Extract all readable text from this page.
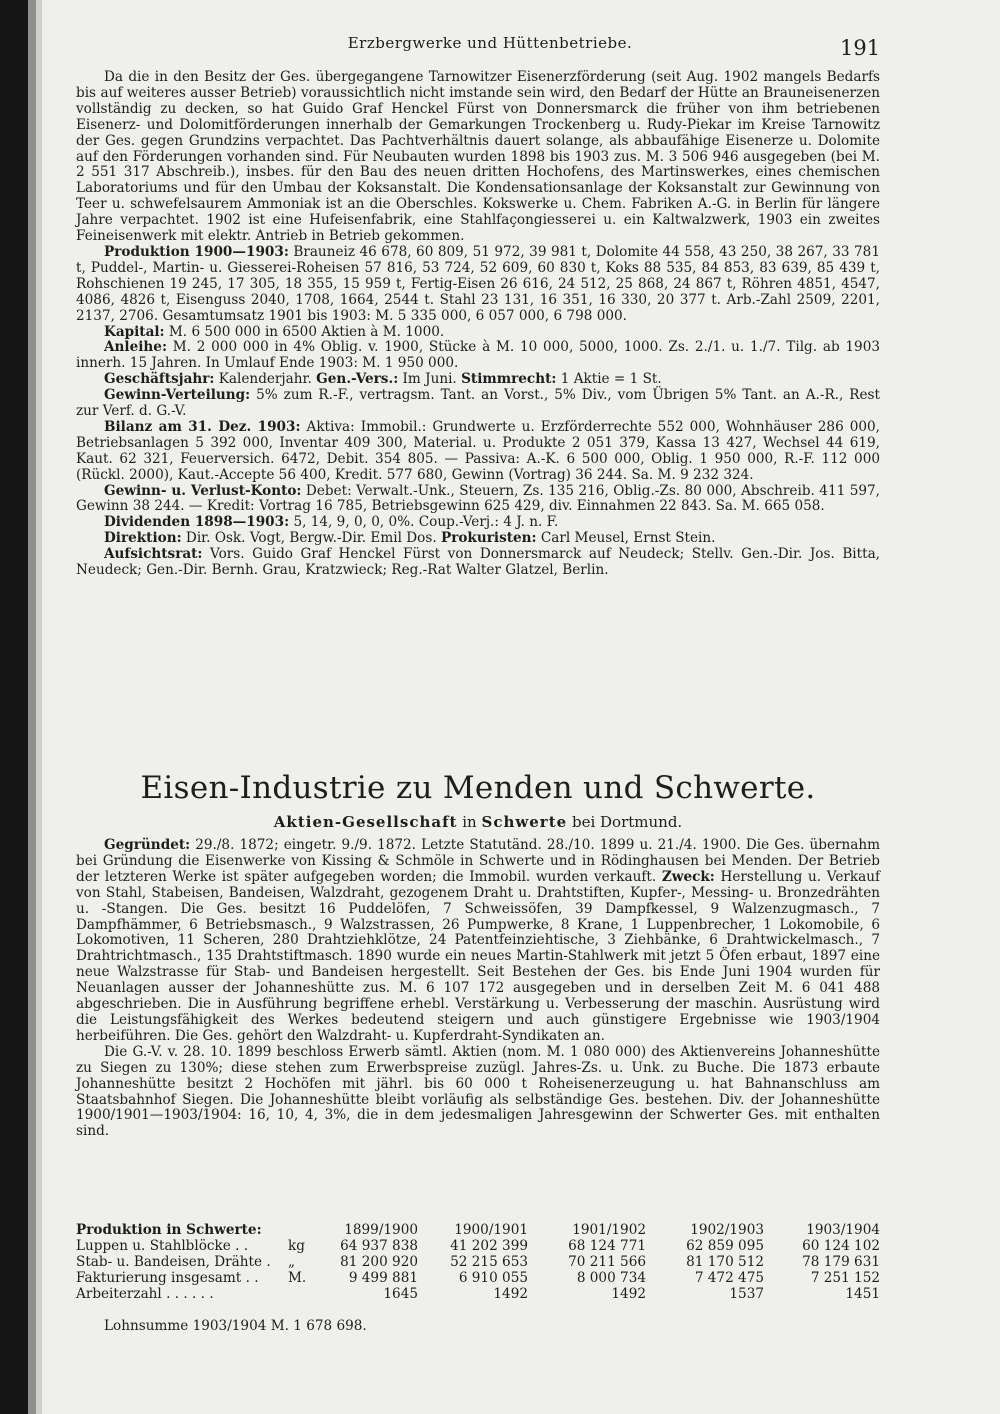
Erzbergwerke und Hüttenbetriebe.	191

Da die in den Besitz der Ges. übergegangene Tarnowitzer Eisenerzförderung (seit Aug. 1902 mangels Bedarfs bis auf weiteres ausser Betrieb) voraussichtlich nicht imstande sein wird, den Bedarf der Hütte an Brauneisenerzen vollständig zu decken, so hat Guido Graf Henckel Fürst von Donnersmarck die früher von ihm betriebenen Eisenerz- und Dolomitförderungen innerhalb der Gemarkungen Trockenberg u. Rudy-Piekar im Kreise Tarnowitz der Ges. gegen Grundzins verpachtet. Das Pachtverhältnis dauert solange, als abbaufähige Eisenerze u. Dolomite auf den Förderungen vorhanden sind. Für Neubauten wurden 1898 bis 1903 zus. M. 3 506 946 ausgegeben (bei M. 2 551 317 Abschreib.), insbes. für den Bau des neuen dritten Hochofens, des Martinswerkes, eines chemischen Laboratoriums und für den Umbau der Koksanstalt. Die Kondensationsanlage der Koksanstalt zur Gewinnung von Teer u. schwefelsaurem Ammoniak ist an die Oberschles. Kokswerke u. Chem. Fabriken A.-G. in Berlin für längere Jahre verpachtet. 1902 ist eine Hufeisenfabrik, eine Stahlfaçongiesserei u. ein Kaltwalzwerk, 1903 ein zweites Feineisenwerk mit elektr. Antrieb in Betrieb gekommen.

Produktion 1900—1903: Brauneiz 46 678, 60 809, 51 972, 39 981 t, Dolomite 44 558, 43 250, 38 267, 33 781 t, Puddel-, Martin- u. Giesserei-Roheisen 57 816, 53 724, 52 609, 60 830 t, Koks 88 535, 84 853, 83 639, 85 439 t, Rohschienen 19 245, 17 305, 18 355, 15 959 t, Fertig-Eisen 26 616, 24 512, 25 868, 24 867 t, Röhren 4851, 4547, 4086, 4826 t, Eisenguss 2040, 1708, 1664, 2544 t. Stahl 23 131, 16 351, 16 330, 20 377 t. Arb.-Zahl 2509, 2201, 2137, 2706. Gesamtumsatz 1901 bis 1903: M. 5 335 000, 6 057 000, 6 798 000.

Kapital: M. 6 500 000 in 6500 Aktien à M. 1000.

Anleihe: M. 2 000 000 in 4% Oblig. v. 1900, Stücke à M. 10 000, 5000, 1000. Zs. 2./1. u. 1./7. Tilg. ab 1903 innerh. 15 Jahren. In Umlauf Ende 1903: M. 1 950 000.

Geschäftsjahr: Kalenderjahr. Gen.-Vers.: Im Juni. Stimmrecht: 1 Aktie = 1 St.

Gewinn-Verteilung: 5% zum R.-F., vertragsm. Tant. an Vorst., 5% Div., vom Übrigen 5% Tant. an A.-R., Rest zur Verf. d. G.-V.

Bilanz am 31. Dez. 1903: Aktiva: Immobil.: Grundwerte u. Erzförderrechte 552 000, Wohnhäuser 286 000, Betriebsanlagen 5 392 000, Inventar 409 300, Material. u. Produkte 2 051 379, Kassa 13 427, Wechsel 44 619, Kaut. 62 321, Feuerversich. 6472, Debit. 354 805. — Passiva: A.-K. 6 500 000, Oblig. 1 950 000, R.-F. 112 000 (Rückl. 2000), Kaut.-Accepte 56 400, Kredit. 577 680, Gewinn (Vortrag) 36 244. Sa. M. 9 232 324.

Gewinn- u. Verlust-Konto: Debet: Verwalt.-Unk., Steuern, Zs. 135 216, Oblig.-Zs. 80 000, Abschreib. 411 597, Gewinn 38 244. — Kredit: Vortrag 16 785, Betriebsgewinn 625 429, div. Einnahmen 22 843. Sa. M. 665 058.

Dividenden 1898—1903: 5, 14, 9, 0, 0, 0%. Coup.-Verj.: 4 J. n. F.

Direktion: Dir. Osk. Vogt, Bergw.-Dir. Emil Dos. Prokuristen: Carl Meusel, Ernst Stein.

Aufsichtsrat: Vors. Guido Graf Henckel Fürst von Donnersmarck auf Neudeck; Stellv. Gen.-Dir. Jos. Bitta, Neudeck; Gen.-Dir. Bernh. Grau, Kratzwieck; Reg.-Rat Walter Glatzel, Berlin.

Eisen-Industrie zu Menden und Schwerte.
Aktien-Gesellschaft in Schwerte bei Dortmund.

Gegründet: 29./8. 1872; eingetr. 9./9. 1872. Letzte Statutänd. 28./10. 1899 u. 21./4. 1900. Die Ges. übernahm bei Gründung die Eisenwerke von Kissing & Schmöle in Schwerte und in Rödinghausen bei Menden. Der Betrieb der letzteren Werke ist später aufgegeben worden; die Immobil. wurden verkauft. Zweck: Herstellung u. Verkauf von Stahl, Stabeisen, Bandeisen, Walzdraht, gezogenem Draht u. Drahtstiften, Kupfer-, Messing- u. Bronzedrähten u. -Stangen. Die Ges. besitzt 16 Puddelöfen, 7 Schweissöfen, 39 Dampfkessel, 9 Walzenzugmasch., 7 Dampfhämmer, 6 Betriebsmasch., 9 Walzstrassen, 26 Pumpwerke, 8 Krane, 1 Luppenbrecher, 1 Lokomobile, 6 Lokomotiven, 11 Scheren, 280 Drahtziehklötze, 24 Patentfeinziehtische, 3 Ziehbänke, 6 Drahtwickelmasch., 7 Drahtrichtmasch., 135 Drahtstiftmasch. 1890 wurde ein neues Martin-Stahlwerk mit jetzt 5 Öfen erbaut, 1897 eine neue Walzstrasse für Stab- und Bandeisen hergestellt. Seit Bestehen der Ges. bis Ende Juni 1904 wurden für Neuanlagen ausser der Johanneshütte zus. M. 6 107 172 ausgegeben und in derselben Zeit M. 6 041 488 abgeschrieben. Die in Ausführung begriffene erhebl. Verstärkung u. Verbesserung der maschin. Ausrüstung wird die Leistungsfähigkeit des Werkes bedeutend steigern und auch günstigere Ergebnisse wie 1903/1904 herbeiführen. Die Ges. gehört den Walzdraht- u. Kupferdraht-Syndikaten an.

Die G.-V. v. 28. 10. 1899 beschloss Erwerb sämtl. Aktien (nom. M. 1 080 000) des Aktienvereins Johanneshütte zu Siegen zu 130%; diese stehen zum Erwerbspreise zuzügl. Jahres-Zs. u. Unk. zu Buche. Die 1873 erbaute Johanneshütte besitzt 2 Hochöfen mit jährl. bis 60 000 t Roheisenerzeugung u. hat Bahnanschluss am Staatsbahnhof Siegen. Die Johanneshütte bleibt vorläufig als selbständige Ges. bestehen. Div. der Johanneshütte 1900/1901—1903/1904: 16, 10, 4, 3%, die in dem jedesmaligen Jahresgewinn der Schwerter Ges. mit enthalten sind.

Produktion in Schwerte:		1899/1900	1900/1901	1901/1902	1902/1903	1903/1904
Luppen u. Stahlblöcke . .	kg	64 937 838	41 202 399	68 124 771	62 859 095	60 124 102
Stab- u. Bandeisen, Drähte .	„	81 200 920	52 215 653	70 211 566	81 170 512	78 179 631
Fakturierung insgesamt . .	M.	9 499 881	6 910 055	8 000 734	7 472 475	7 251 152
Arbeiterzahl . . . . . .		1645	1492	1492	1537	1451
Lohnsumme 1903/1904 M. 1 678 698.
